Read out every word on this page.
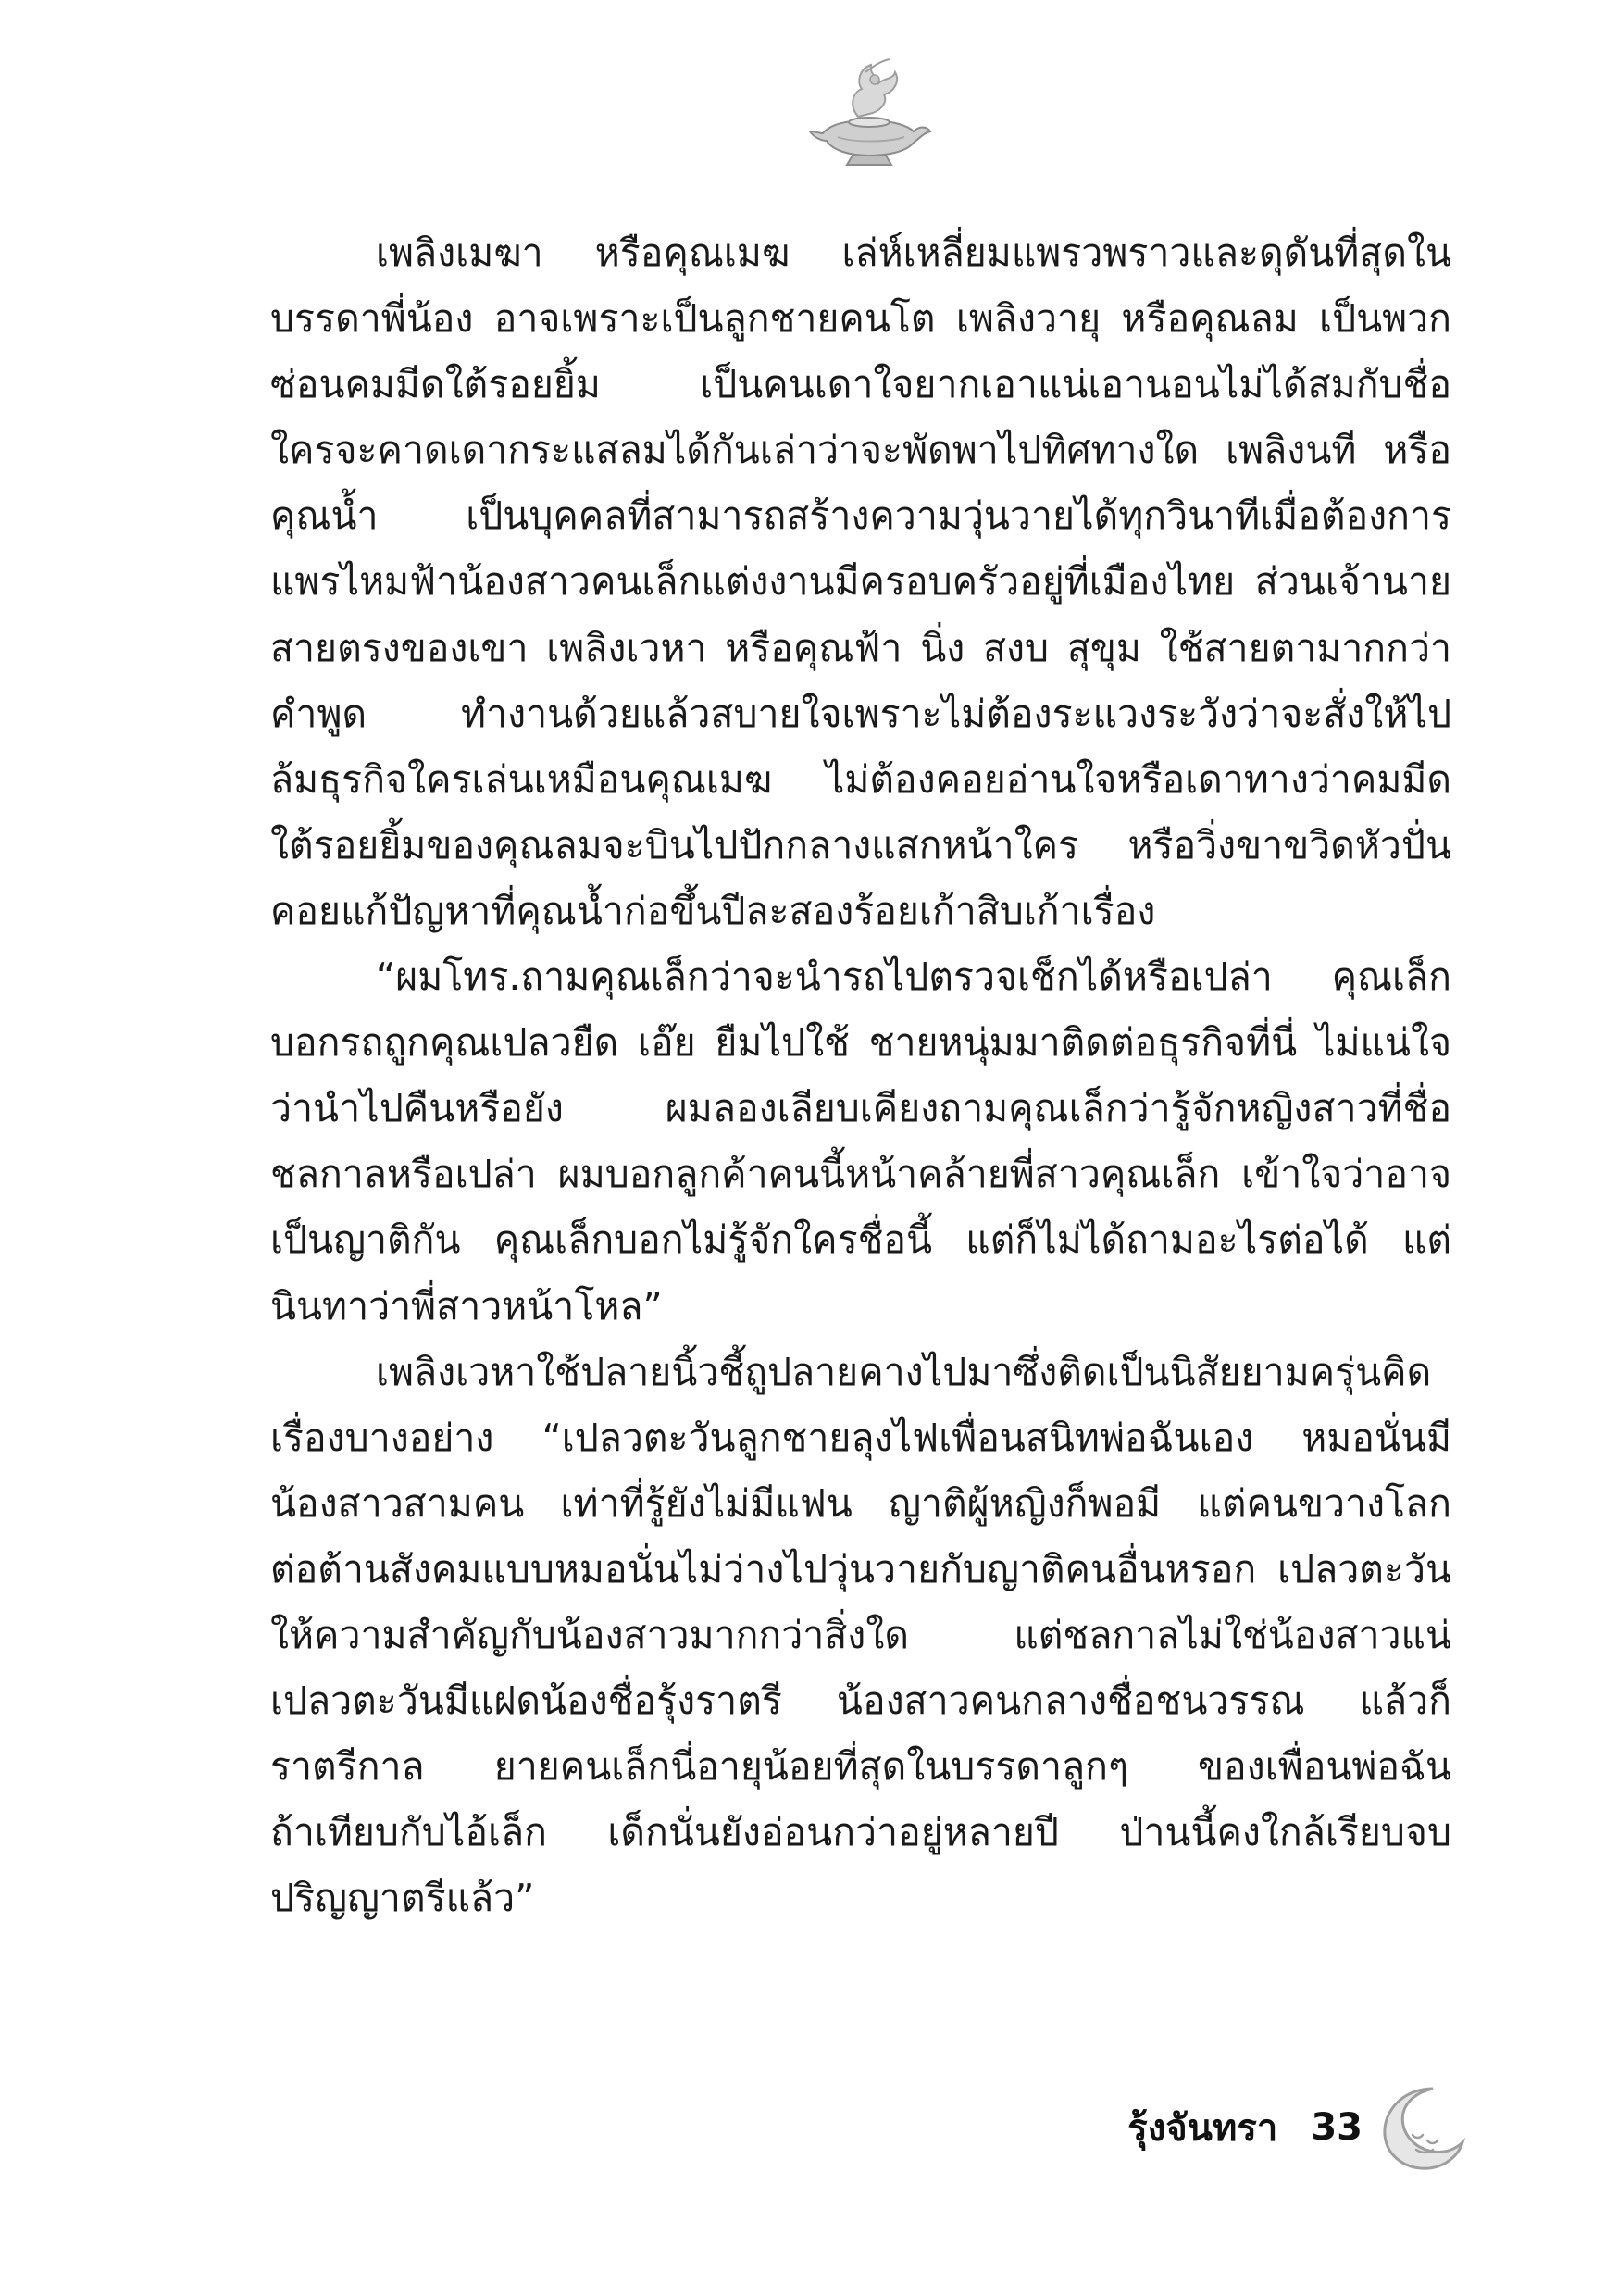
เพลิงเมฆา หรือคุณเมฆ เล่ห์เหลี่ยมแพรวพราวและดุดันที่สุดใน
บรรดาพี่น้อง อาจเพราะเป็นลูกชายคนโต เพลิงวายุ หรือคุณลม เป็นพวก
ซ่อนคมมีดใต้รอยยิ้ม เป็นคนเดาใจยากเอาแน่เอานอนไม่ได้สมกับชื่อ
ใครจะคาดเดากระแสลมได้กันเล่าว่าจะพัดพาไปทิศทางใด เพลิงนที หรือ
คุณน้ำ เป็นบุคคลที่สามารถสร้างความวุ่นวายได้ทุกวินาทีเมื่อต้องการ
แพรไหมฟ้าน้องสาวคนเล็กแต่งงานมีครอบครัวอยู่ที่เมืองไทย ส่วนเจ้านาย
สายตรงของเขา เพลิงเวหา หรือคุณฟ้า นิ่ง สงบ สุขุม ใช้สายตามากกว่า
คำพูด ทำงานด้วยแล้วสบายใจเพราะไม่ต้องระแวงระวังว่าจะสั่งให้ไป
ล้มธุรกิจใครเล่นเหมือนคุณเมฆ ไม่ต้องคอยอ่านใจหรือเดาทางว่าคมมีด
ใต้รอยยิ้มของคุณลมจะบินไปปักกลางแสกหน้าใคร หรือวิ่งขาขวิดหัวปั่น
คอยแก้ปัญหาที่คุณน้ำก่อขึ้นปีละสองร้อยเก้าสิบเก้าเรื่อง
“ผมโทร.ถามคุณเล็กว่าจะนำรถไปตรวจเช็กได้หรือเปล่า คุณเล็ก
บอกรถถูกคุณเปลวยืด เอ๊ย ยืมไปใช้ ชายหนุ่มมาติดต่อธุรกิจที่นี่ ไม่แน่ใจ
ว่านำไปคืนหรือยัง ผมลองเลียบเคียงถามคุณเล็กว่ารู้จักหญิงสาวที่ชื่อ
ชลกาลหรือเปล่า ผมบอกลูกค้าคนนี้หน้าคล้ายพี่สาวคุณเล็ก เข้าใจว่าอาจ
เป็นญาติกัน คุณเล็กบอกไม่รู้จักใครชื่อนี้ แต่ก็ไม่ได้ถามอะไรต่อได้ แต่
นินทาว่าพี่สาวหน้าโหล”
เพลิงเวหาใช้ปลายนิ้วชี้ถูปลายคางไปมาซึ่งติดเป็นนิสัยยามครุ่นคิด
เรื่องบางอย่าง “เปลวตะวันลูกชายลุงไฟเพื่อนสนิทพ่อฉันเอง หมอนั่นมี
น้องสาวสามคน เท่าที่รู้ยังไม่มีแฟน ญาติผู้หญิงก็พอมี แต่คนขวางโลก
ต่อต้านสังคมแบบหมอนั่นไม่ว่างไปวุ่นวายกับญาติคนอื่นหรอก เปลวตะวัน
ให้ความสำคัญกับน้องสาวมากกว่าสิ่งใด แต่ชลกาลไม่ใช่น้องสาวแน่
เปลวตะวันมีแฝดน้องชื่อรุ้งราตรี น้องสาวคนกลางชื่อชนวรรณ แล้วก็
ราตรีกาล ยายคนเล็กนี่อายุน้อยที่สุดในบรรดาลูกๆ ของเพื่อนพ่อฉัน
ถ้าเทียบกับไอ้เล็ก เด็กนั่นยังอ่อนกว่าอยู่หลายปี ป่านนี้คงใกล้เรียบจบ
ปริญญาตรีแล้ว”
รุ้งจันทรา 33
